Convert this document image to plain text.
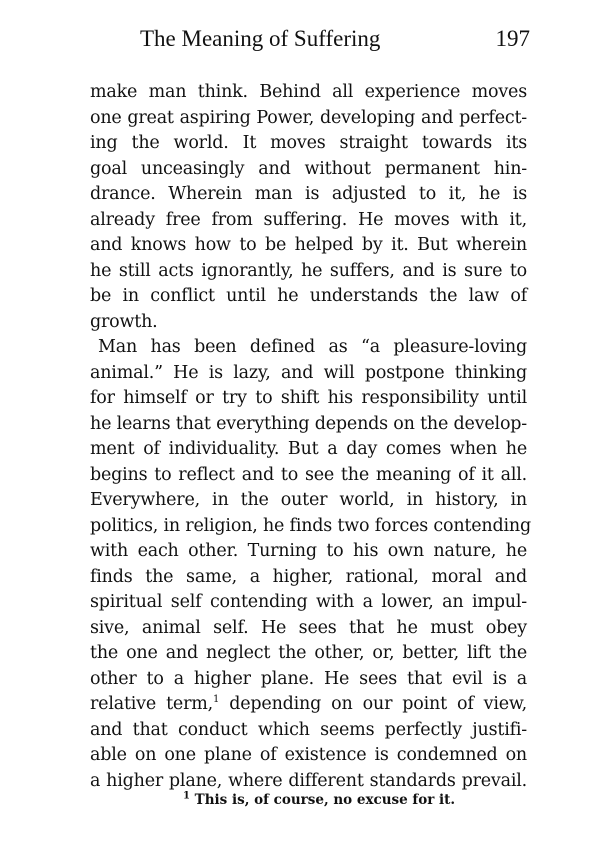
The Meaning of Suffering	197
make man think. Behind all experience moves
one great aspiring Power, developing and perfect-
ing the world. It moves straight towards its
goal unceasingly and without permanent hin-
drance. Wherein man is adjusted to it, he is
already free from suffering. He moves with it,
and knows how to be helped by it. But wherein
he still acts ignorantly, he suffers, and is sure to
be in conflict until he understands the law of
growth.
Man has been defined as “a pleasure-loving
animal.” He is lazy, and will postpone thinking
for himself or try to shift his responsibility until
he learns that everything depends on the develop-
ment of individuality. But a day comes when he
begins to reflect and to see the meaning of it all.
Everywhere, in the outer world, in history, in
politics, in religion, he finds two forces contending
with each other. Turning to his own nature, he
finds the same, a higher, rational, moral and
spiritual self contending with a lower, an impul-
sive, animal self. He sees that he must obey
the one and neglect the other, or, better, lift the
other to a higher plane. He sees that evil is a
relative term,$^1$ depending on our point of view,
and that conduct which seems perfectly justifi-
able on one plane of existence is condemned on
a higher plane, where different standards prevail.
$^1$ This is, of course, no excuse for it.
